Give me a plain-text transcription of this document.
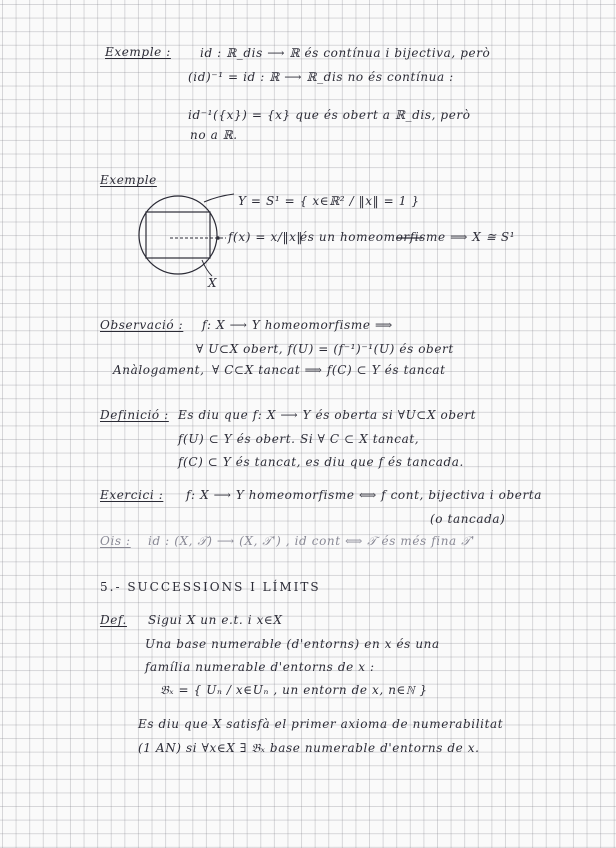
Exemple : id : ℝ_dis ⟶ ℝ és contínua i bijectiva, però
(id)⁻¹ = id : ℝ ⟶ ℝ_dis no és contínua :
id⁻¹({x}) = {x} que és obert a ℝ_dis, però
no a ℝ.
Exemple
Y = S¹ = { x∈ℝ² / ‖x‖ = 1 }
f(x) = x/‖x‖
és un homeomorfisme ⟹ X ≅ S¹
X
Observació : f: X ⟶ Y homeomorfisme ⟹
∀ U⊂X obert, f(U) = (f⁻¹)⁻¹(U) és obert
Anàlogament, ∀ C⊂X tancat ⟹ f(C) ⊂ Y és tancat
Definició : Es diu que f: X ⟶ Y és oberta si ∀U⊂X obert
f(U) ⊂ Y és obert. Si ∀ C ⊂ X tancat,
f(C) ⊂ Y és tancat, es diu que f és tancada.
Exercici : f: X ⟶ Y homeomorfisme ⟺ f cont, bijectiva i oberta
(o tancada)
Ois : id : (X, 𝒯) ⟶ (X, 𝒯') , id cont ⟺ 𝒯 és més fina 𝒯'
5.- SUCCESSIONS I LÍMITS
Def. Sigui X un e.t. i x∈X
Una base numerable (d'entorns) en x és una
família numerable d'entorns de x :
𝔅ₓ = { Uₙ / x∈Uₙ , un entorn de x, n∈ℕ }
Es diu que X satisfà el primer axioma de numerabilitat
(1 AN) si ∀x∈X ∃ 𝔅ₓ base numerable d'entorns de x.
